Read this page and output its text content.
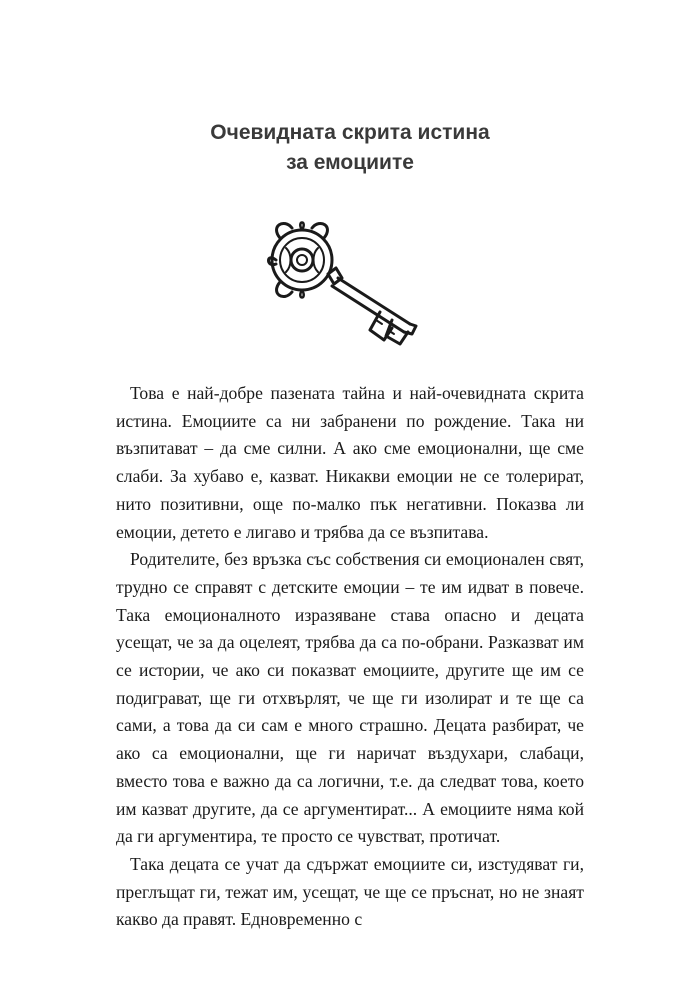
Очевидната скрита истина
за емоциите

Това е най-добре пазената тайна и най-очевидната скрита истина. Емоциите са ни забранени по рождение. Така ни възпитават – да сме силни. А ако сме емоционални, ще сме слаби. За хубаво е, казват. Никакви емоции не се толерират, нито позитивни, още по-малко пък негативни. Показва ли емоции, детето е лигаво и трябва да се възпитава.

Родителите, без връзка със собствения си емоционален свят, трудно се справят с детските емоции – те им идват в повече. Така емоционалното изразяване става опасно и децата усещат, че за да оцелеят, трябва да са по-обрани. Разказват им се истории, че ако си показват емоциите, другите ще им се подиграват, ще ги отхвърлят, че ще ги изолират и те ще са сами, а това да си сам е много страшно. Децата разбират, че ако са емоционални, ще ги наричат въздухари, слабаци, вместо това е важно да са логични, т.е. да следват това, което им казват другите, да се аргументират... А емоциите няма кой да ги аргументира, те просто се чувстват, протичат.

Така децата се учат да сдържат емоциите си, изстудяват ги, преглъщат ги, тежат им, усещат, че ще се пръснат, но не знаят какво да правят. Едновременно с
